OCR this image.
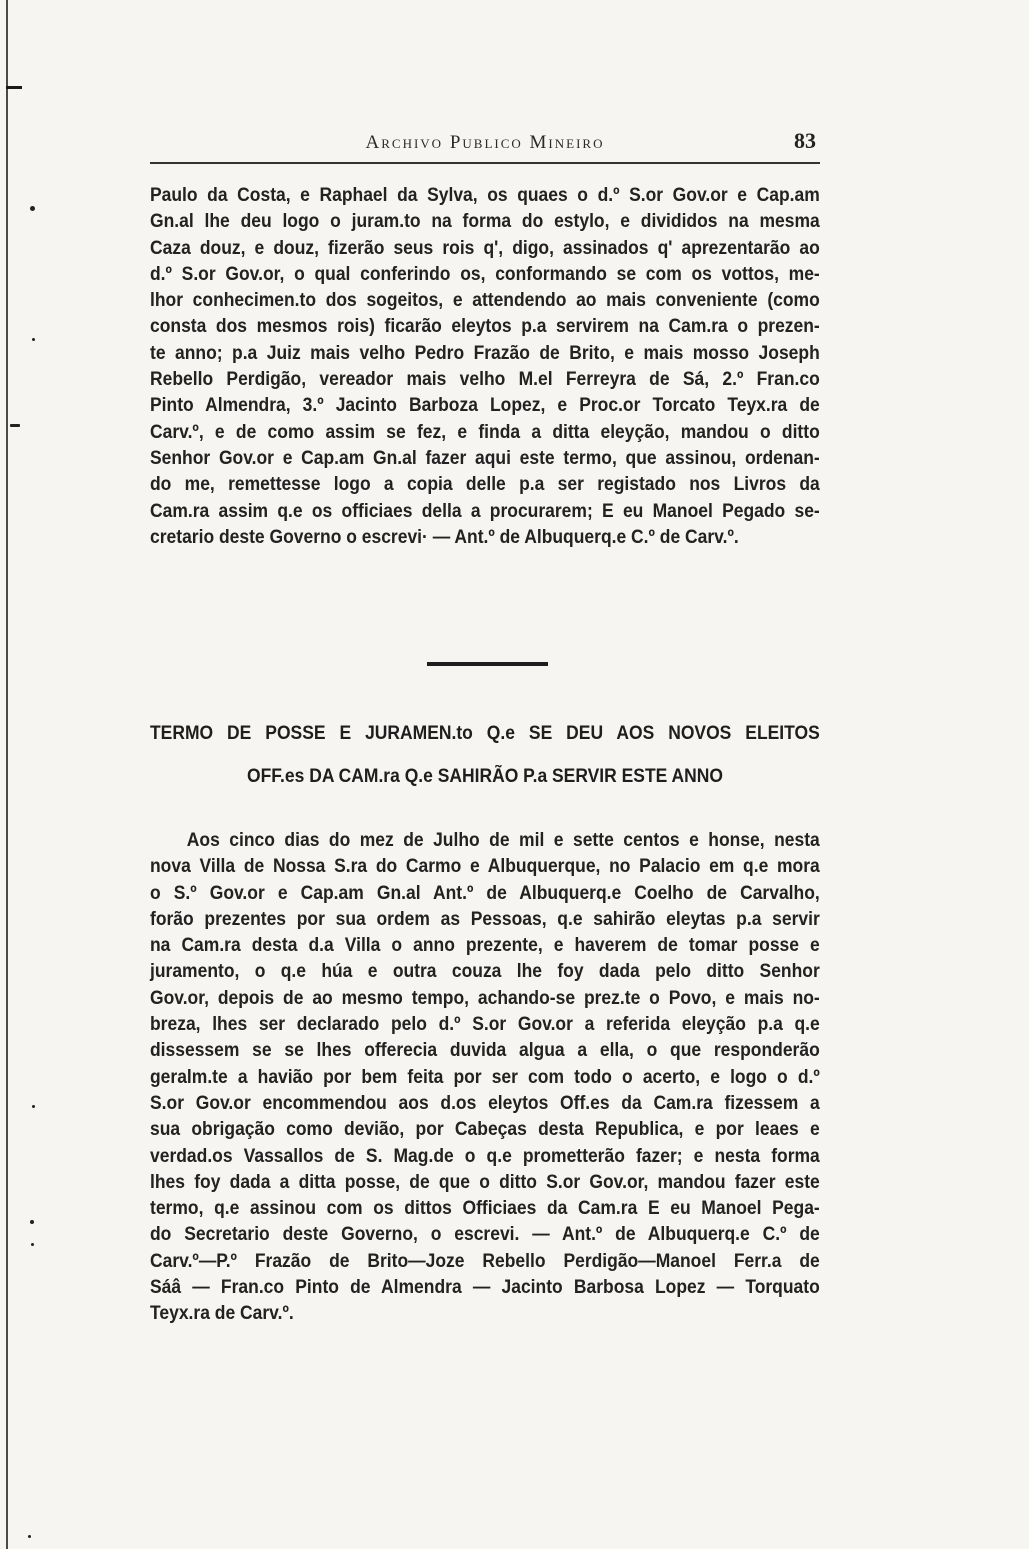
Archivo Publico Mineiro	83
Paulo da Costa, e Raphael da Sylva, os quaes o d.º S.or Gov.or e Cap.am
Gn.al lhe deu logo o juram.to na forma do estylo, e divididos na mesma
Caza douz, e douz, fizerão seus rois q', digo, assinados q' aprezentarão ao
d.º S.or Gov.or, o qual conferindo os, conformando se com os vottos, me-
lhor conhecimen.to dos sogeitos, e attendendo ao mais conveniente (como
consta dos mesmos rois) ficarão eleytos p.a servirem na Cam.ra o prezen-
te anno; p.a Juiz mais velho Pedro Frazão de Brito, e mais mosso Joseph
Rebello Perdigão, vereador mais velho M.el Ferreyra de Sá, 2.º Fran.co
Pinto Almendra, 3.º Jacinto Barboza Lopez, e Proc.or Torcato Teyx.ra de
Carv.º, e de como assim se fez, e finda a ditta eleyção, mandou o ditto
Senhor Gov.or e Cap.am Gn.al fazer aqui este termo, que assinou, ordenan-
do me, remettesse logo a copia delle p.a ser registado nos Livros da
Cam.ra assim q.e os officiaes della a procurarem; E eu Manoel Pegado se-
cretario deste Governo o escrevi· — Ant.º de Albuquerq.e C.º de Carv.º.
TERMO DE POSSE E JURAMEN.to Q.e SE DEU AOS NOVOS ELEITOS
OFF.es DA CAM.ra Q.e SAHIRÃO P.a SERVIR ESTE ANNO
Aos cinco dias do mez de Julho de mil e sette centos e honse, nesta
nova Villa de Nossa S.ra do Carmo e Albuquerque, no Palacio em q.e mora
o S.º Gov.or e Cap.am Gn.al Ant.º de Albuquerq.e Coelho de Carvalho,
forão prezentes por sua ordem as Pessoas, q.e sahirão eleytas p.a servir
na Cam.ra desta d.a Villa o anno prezente, e haverem de tomar posse e
juramento, o q.e húa e outra couza lhe foy dada pelo ditto Senhor
Gov.or, depois de ao mesmo tempo, achando-se prez.te o Povo, e mais no-
breza, lhes ser declarado pelo d.º S.or Gov.or a referida eleyção p.a q.e
dissessem se se lhes offerecia duvida algua a ella, o que responderão
geralm.te a havião por bem feita por ser com todo o acerto, e logo o d.º
S.or Gov.or encommendou aos d.os eleytos Off.es da Cam.ra fizessem a
sua obrigação como devião, por Cabeças desta Republica, e por leaes e
verdad.os Vassallos de S. Mag.de o q.e prometterão fazer; e nesta forma
lhes foy dada a ditta posse, de que o ditto S.or Gov.or, mandou fazer este
termo, q.e assinou com os dittos Officiaes da Cam.ra E eu Manoel Pega-
do Secretario deste Governo, o escrevi. — Ant.º de Albuquerq.e C.º de
Carv.º—P.º Frazão de Brito—Joze Rebello Perdigão—Manoel Ferr.a de
Sáâ — Fran.co Pinto de Almendra — Jacinto Barbosa Lopez — Torquato
Teyx.ra de Carv.º.
